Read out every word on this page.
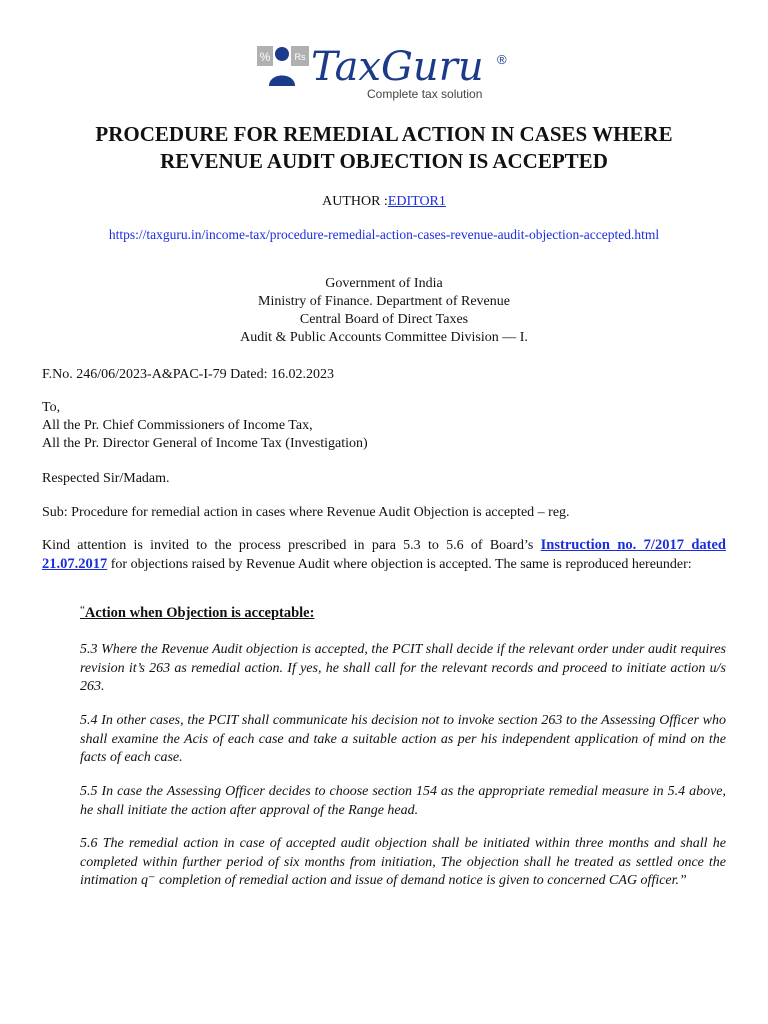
%	Rs TaxGuru ®
Complete tax solution
PROCEDURE FOR REMEDIAL ACTION IN CASES WHERE
REVENUE AUDIT OBJECTION IS ACCEPTED
AUTHOR :EDITOR1
https://taxguru.in/income-tax/procedure-remedial-action-cases-revenue-audit-objection-accepted.html
Government of India
Ministry of Finance. Department of Revenue
Central Board of Direct Taxes
Audit & Public Accounts Committee Division — I.
F.No. 246/06/2023-A&PAC-I-79 Dated: 16.02.2023
To,
All the Pr. Chief Commissioners of Income Tax,
All the Pr. Director General of Income Tax (Investigation)
Respected Sir/Madam.
Sub: Procedure for remedial action in cases where Revenue Audit Objection is accepted – reg.
Kind attention is invited to the process prescribed in para 5.3 to 5.6 of Board’s Instruction no. 7/2017 dated 21.07.2017 for objections raised by Revenue Audit where objection is accepted. The same is reproduced hereunder:
“Action when Objection is acceptable:
5.3 Where the Revenue Audit objection is accepted, the PCIT shall decide if the relevant order under audit requires revision it’s 263 as remedial action. If yes, he shall call for the relevant records and proceed to initiate action u/s 263.
5.4 In other cases, the PCIT shall communicate his decision not to invoke section 263 to the Assessing Officer who shall examine the Acis of each case and take a suitable action as per his independent application of mind on the facts of each case.
5.5 In case the Assessing Officer decides to choose section 154 as the appropriate remedial measure in 5.4 above, he shall initiate the action after approval of the Range head.
5.6 The remedial action in case of accepted audit objection shall be initiated within three months and shall he completed within further period of six months from initiation, The objection shall he treated as settled once the intimation q⁻ completion of remedial action and issue of demand notice is given to concerned CAG officer.”
